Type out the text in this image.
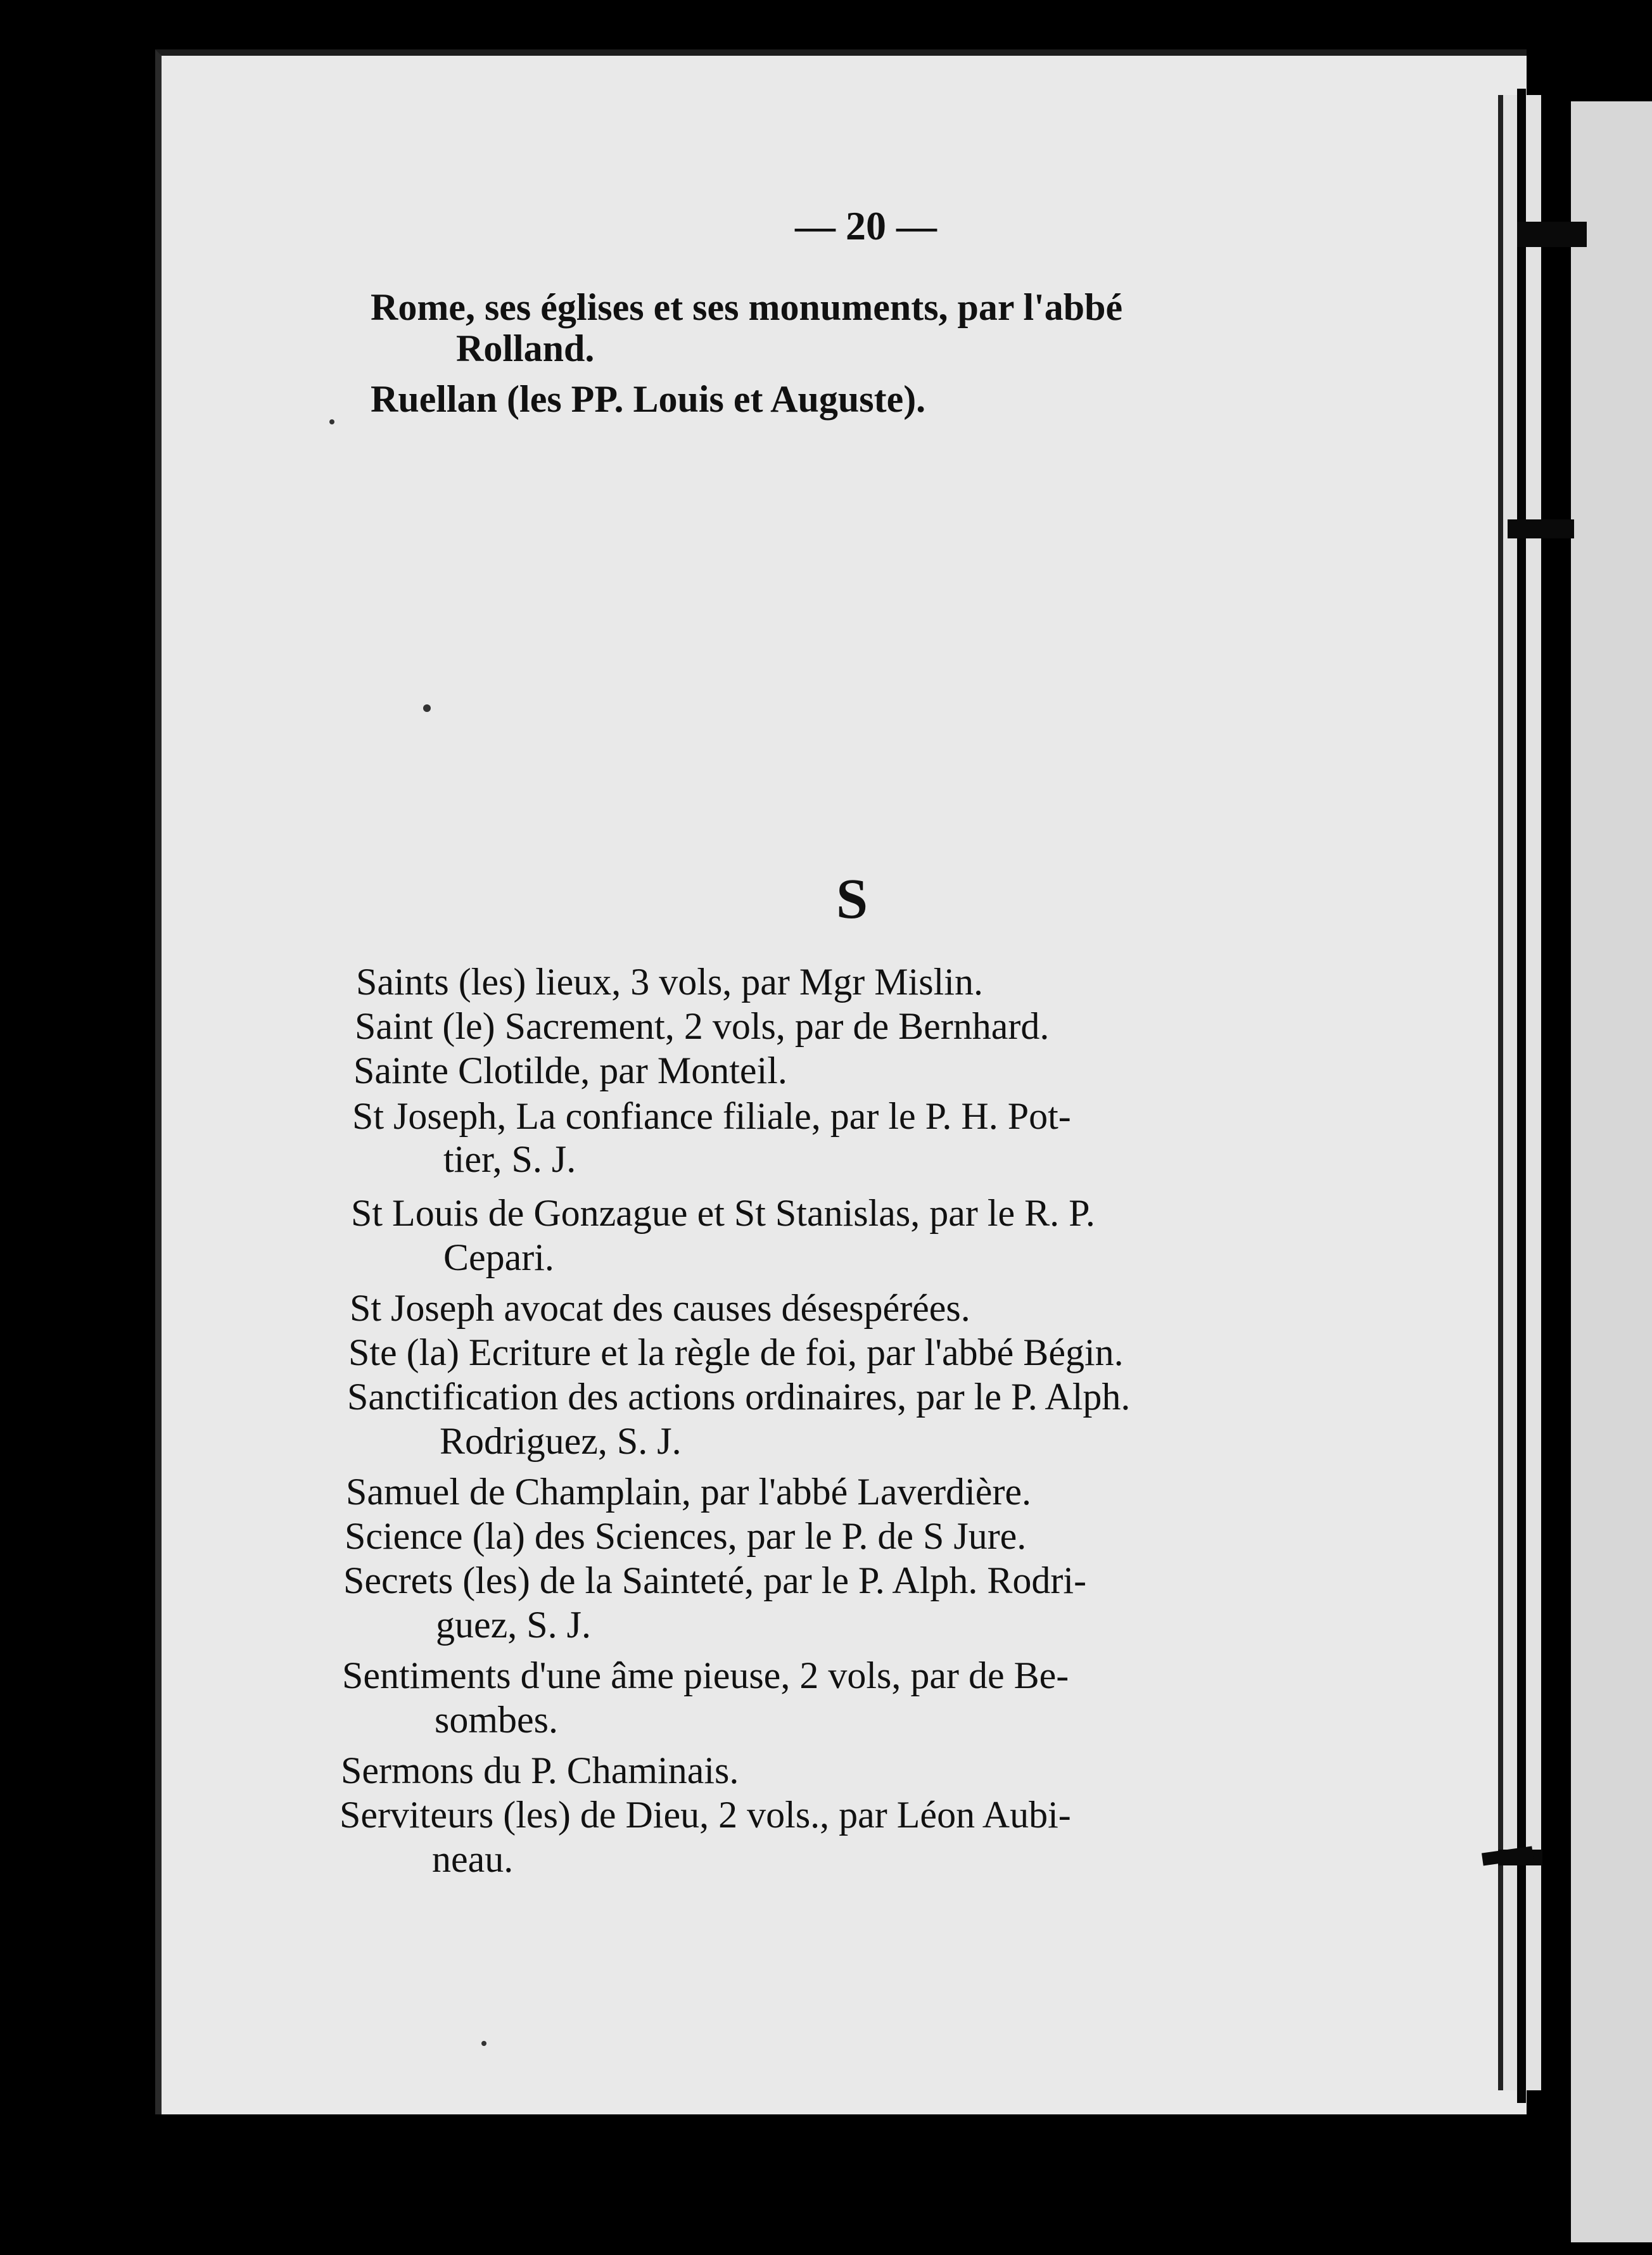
— 20 —
Rome, ses églises et ses monuments, par l'abbé
Rolland.
Ruellan (les PP. Louis et Auguste).
S
Saints (les) lieux, 3 vols, par Mgr Mislin.
Saint (le) Sacrement, 2 vols, par de Bernhard.
Sainte Clotilde, par Monteil.
St Joseph, La confiance filiale, par le P. H. Pot-
tier, S. J.
St Louis de Gonzague et St Stanislas, par le R. P.
Cepari.
St Joseph avocat des causes désespérées.
Ste (la) Ecriture et la règle de foi, par l'abbé Bégin.
Sanctification des actions ordinaires, par le P. Alph.
Rodriguez, S. J.
Samuel de Champlain, par l'abbé Laverdière.
Science (la) des Sciences, par le P. de S Jure.
Secrets (les) de la Sainteté, par le P. Alph. Rodri-
guez, S. J.
Sentiments d'une âme pieuse, 2 vols, par de Be-
sombes.
Sermons du P. Chaminais.
Serviteurs (les) de Dieu, 2 vols., par Léon Aubi-
neau.
